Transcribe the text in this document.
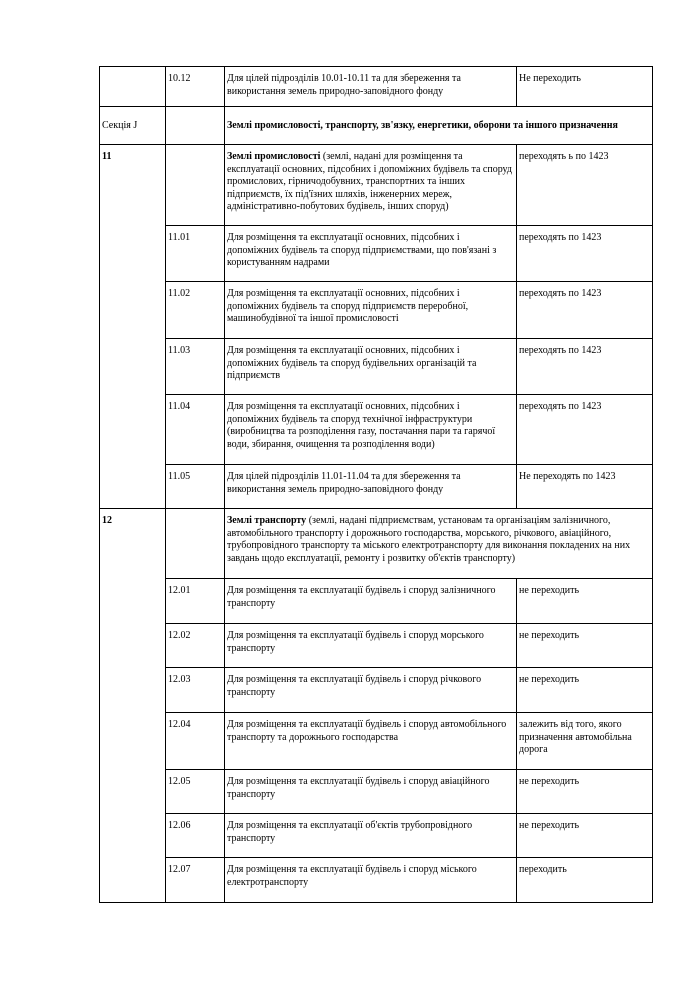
	10.12	Для цілей підрозділів 10.01-10.11 та для збереження та використання земель природно-заповідного фонду	Не переходить
Секція J		Землі промисловості, транспорту, зв'язку, енергетики, оборони та іншого призначення	
11		Землі промисловості (землі, надані для розміщення та експлуатації основних, підсобних і допоміжних будівель та споруд промислових, гірничодобувних, транспортних та інших підприємств, їх під'їзних шляхів, інженерних мереж, адміністративно-побутових будівель, інших споруд)	переходять ь по 1423
	11.01	Для розміщення та експлуатації основних, підсобних і допоміжних будівель та споруд підприємствами, що пов'язані з користуванням надрами	переходять по 1423
	11.02	Для розміщення та експлуатації основних, підсобних і допоміжних будівель та споруд підприємств переробної, машинобудівної та іншої промисловості	переходять по 1423
	11.03	Для розміщення та експлуатації основних, підсобних і допоміжних будівель та споруд будівельних організацій та підприємств	переходять по 1423
	11.04	Для розміщення та експлуатації основних, підсобних і допоміжних будівель та споруд технічної інфраструктури (виробництва та розподілення газу, постачання пари та гарячої води, збирання, очищення та розподілення води)	переходять по 1423
	11.05	Для цілей підрозділів 11.01-11.04 та для збереження та використання земель природно-заповідного фонду	Не переходять по 1423
12		Землі транспорту (землі, надані підприємствам, установам та організаціям залізничного, автомобільного транспорту і дорожнього господарства, морського, річкового, авіаційного, трубопровідного транспорту та міського електротранспорту для виконання покладених на них завдань щодо експлуатації, ремонту і розвитку об'єктів транспорту)	
	12.01	Для розміщення та експлуатації будівель і споруд залізничного транспорту	не переходить
	12.02	Для розміщення та експлуатації будівель і споруд морського транспорту	не переходить
	12.03	Для розміщення та експлуатації будівель і споруд річкового транспорту	не переходить
	12.04	Для розміщення та експлуатації будівель і споруд автомобільного транспорту та дорожнього господарства	залежить від того, якого призначення автомобільна дорога
	12.05	Для розміщення та експлуатації будівель і споруд авіаційного транспорту	не переходить
	12.06	Для розміщення та експлуатації об'єктів трубопровідного транспорту	не переходить
	12.07	Для розміщення та експлуатації будівель і споруд міського електротранспорту	переходить
